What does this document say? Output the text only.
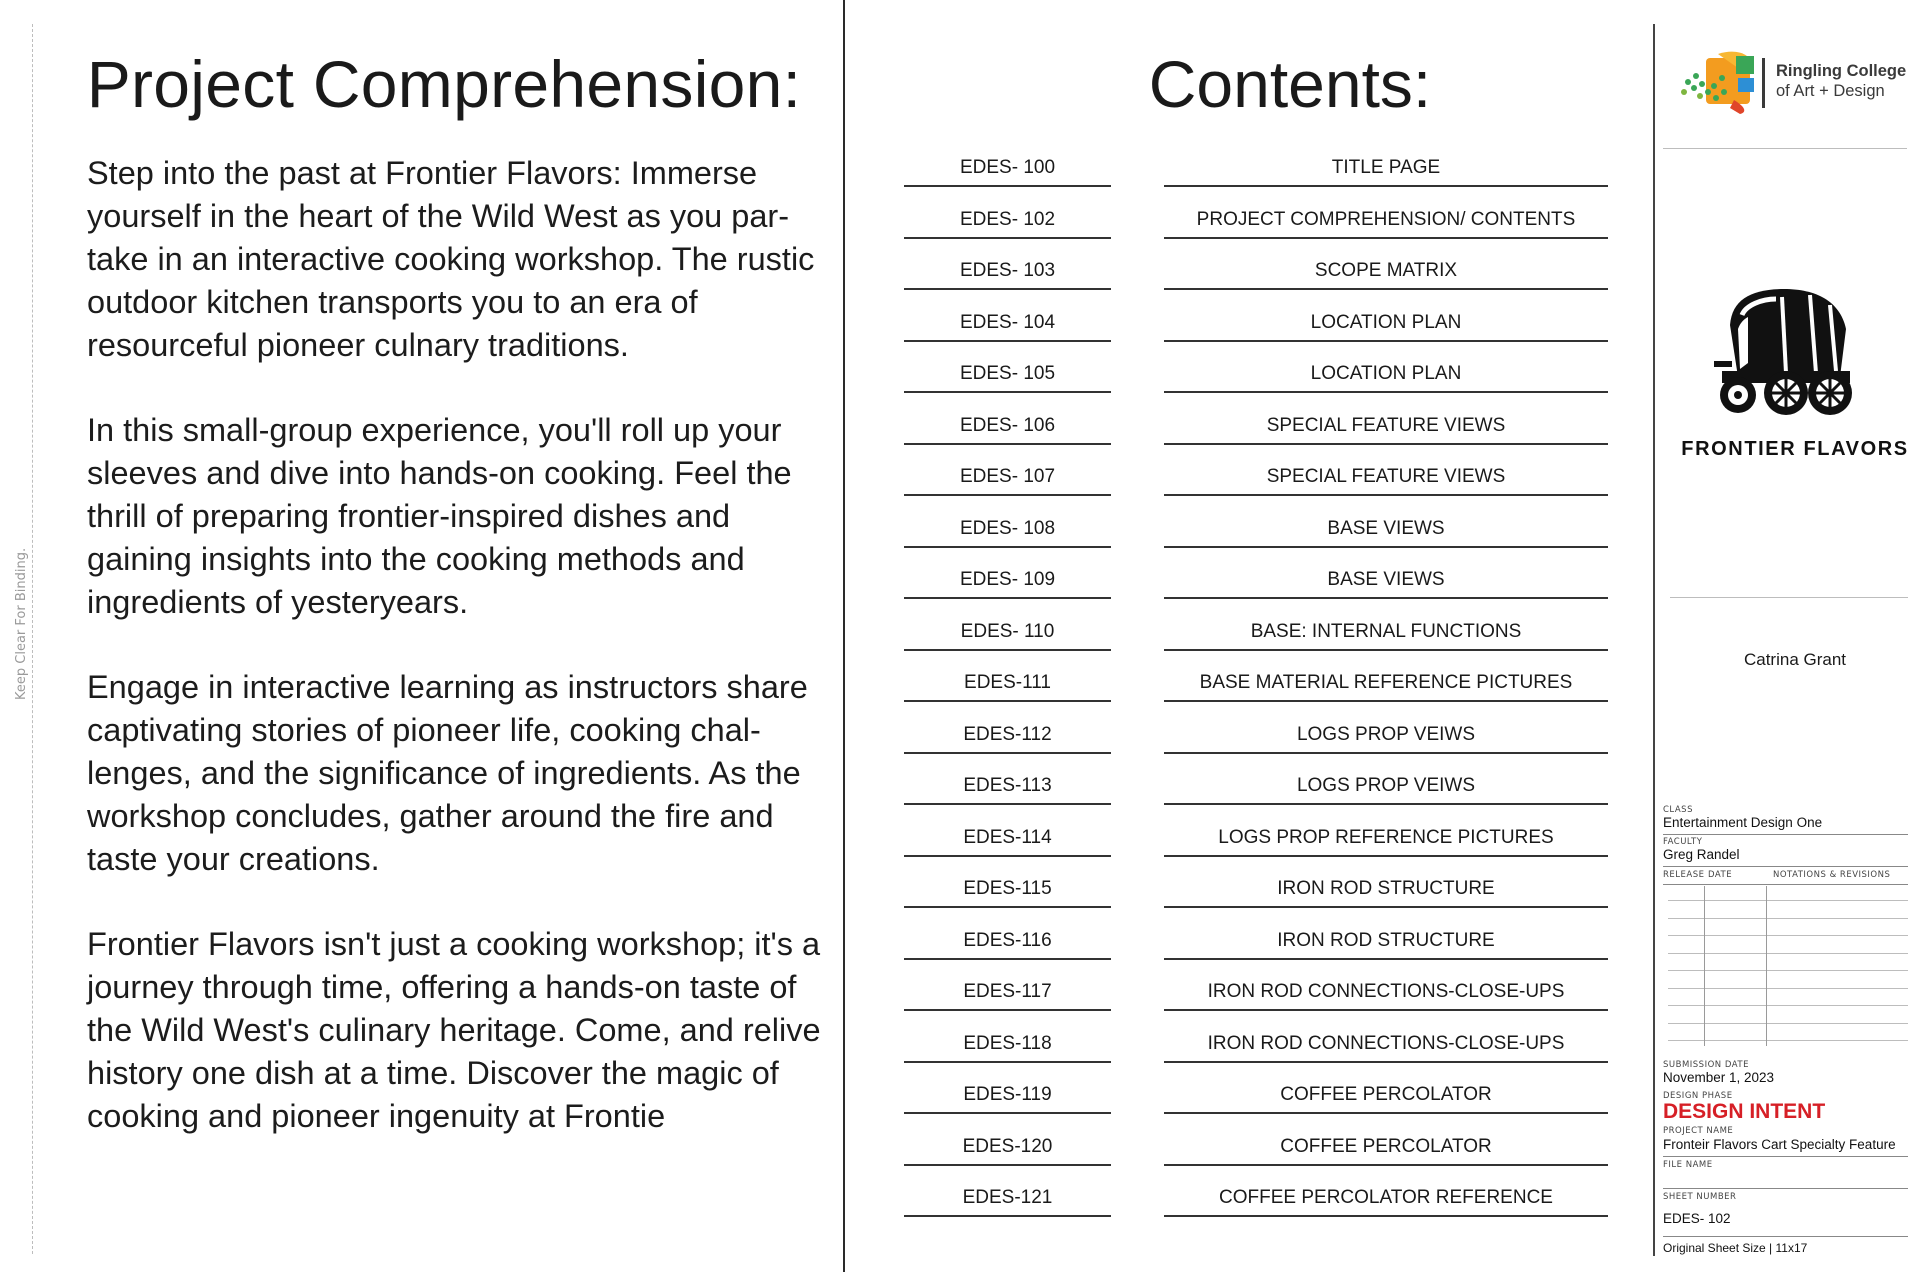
Keep Clear For Binding.
Project Comprehension:
Step into the past at Frontier Flavors: Immerse yourself in the heart of the Wild West as you par-take in an interactive cooking workshop. The rustic outdoor kitchen transports you to an era of resourceful pioneer culnary traditions.
In this small-group experience, you'll roll up your sleeves and dive into hands-on cooking. Feel the thrill of preparing frontier-inspired dishes and gaining insights into the cooking methods and ingredients of yesteryears.
Engage in interactive learning as instructors share captivating stories of pioneer life, cooking chal-lenges, and the significance of ingredients. As the workshop concludes, gather around the fire and taste your creations.
Frontier Flavors isn't just a cooking workshop; it's a journey through time, offering a hands-on taste of the Wild West's culinary heritage. Come, and relive history one dish at a time. Discover the magic of cooking and pioneer ingenuity at Frontie
Contents:
EDES- 100	TITLE PAGE
EDES- 102	PROJECT COMPREHENSION/ CONTENTS
EDES- 103	SCOPE MATRIX
EDES- 104	LOCATION PLAN
EDES- 105	LOCATION PLAN
EDES- 106	SPECIAL FEATURE VIEWS
EDES- 107	SPECIAL FEATURE VIEWS
EDES- 108	BASE VIEWS
EDES- 109	BASE VIEWS
EDES- 110	BASE: INTERNAL FUNCTIONS
EDES-111	BASE MATERIAL REFERENCE PICTURES
EDES-112	LOGS PROP VEIWS
EDES-113	LOGS PROP VEIWS
EDES-114	LOGS PROP REFERENCE PICTURES
EDES-115	IRON ROD STRUCTURE
EDES-116	IRON ROD STRUCTURE
EDES-117	IRON ROD CONNECTIONS-CLOSE-UPS
EDES-118	IRON ROD CONNECTIONS-CLOSE-UPS
EDES-119	COFFEE PERCOLATOR
EDES-120	COFFEE PERCOLATOR
EDES-121	COFFEE PERCOLATOR REFERENCE
Ringling College
of Art + Design
FRONTIER FLAVORS
Catrina Grant
CLASS
Entertainment Design One
FACULTY
Greg Randel
RELEASE DATE	NOTATIONS & REVISIONS
SUBMISSION DATE
November 1, 2023
DESIGN PHASE
DESIGN INTENT
PROJECT NAME
Fronteir Flavors Cart Specialty Feature
FILE NAME
SHEET NUMBER
EDES- 102
Original Sheet Size | 11x17
